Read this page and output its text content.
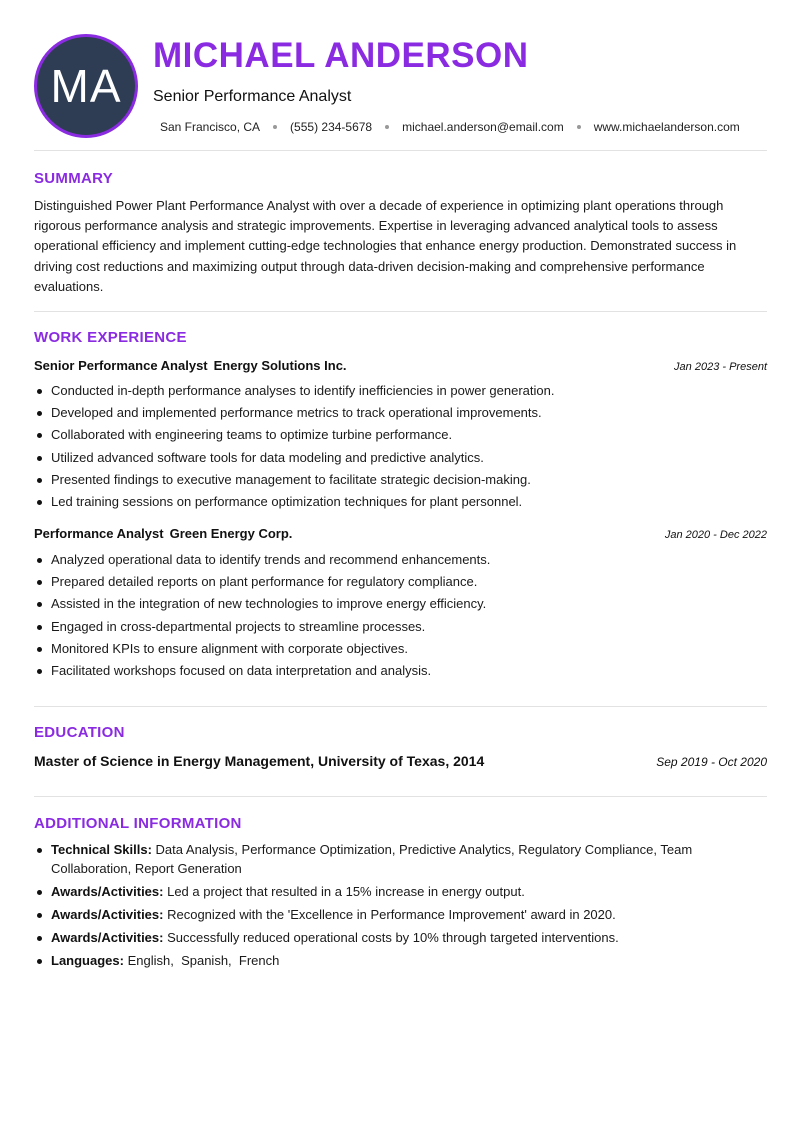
MA
MICHAEL ANDERSON
Senior Performance Analyst
San Francisco, CA	(555) 234-5678	michael.anderson@email.com	www.michaelanderson.com
SUMMARY

Distinguished Power Plant Performance Analyst with over a decade of experience in optimizing plant operations through rigorous performance analysis and strategic improvements. Expertise in leveraging advanced analytical tools to assess operational efficiency and implement cutting-edge technologies that enhance energy production. Demonstrated success in driving cost reductions and maximizing output through data-driven decision-making and comprehensive performance evaluations.

WORK EXPERIENCE
Senior Performance Analyst Energy Solutions Inc.	Jan 2023 - Present
Conducted in-depth performance analyses to identify inefficiencies in power generation.
Developed and implemented performance metrics to track operational improvements.
Collaborated with engineering teams to optimize turbine performance.
Utilized advanced software tools for data modeling and predictive analytics.
Presented findings to executive management to facilitate strategic decision-making.
Led training sessions on performance optimization techniques for plant personnel.
Performance Analyst Green Energy Corp.	Jan 2020 - Dec 2022
Analyzed operational data to identify trends and recommend enhancements.
Prepared detailed reports on plant performance for regulatory compliance.
Assisted in the integration of new technologies to improve energy efficiency.
Engaged in cross-departmental projects to streamline processes.
Monitored KPIs to ensure alignment with corporate objectives.
Facilitated workshops focused on data interpretation and analysis.
EDUCATION
Master of Science in Energy Management, University of Texas, 2014	Sep 2019 - Oct 2020
ADDITIONAL INFORMATION
Technical Skills: Data Analysis, Performance Optimization, Predictive Analytics, Regulatory Compliance, Team Collaboration, Report Generation
Awards/Activities: Led a project that resulted in a 15% increase in energy output.
Awards/Activities: Recognized with the 'Excellence in Performance Improvement' award in 2020.
Awards/Activities: Successfully reduced operational costs by 10% through targeted interventions.
Languages: English,  Spanish,  French
